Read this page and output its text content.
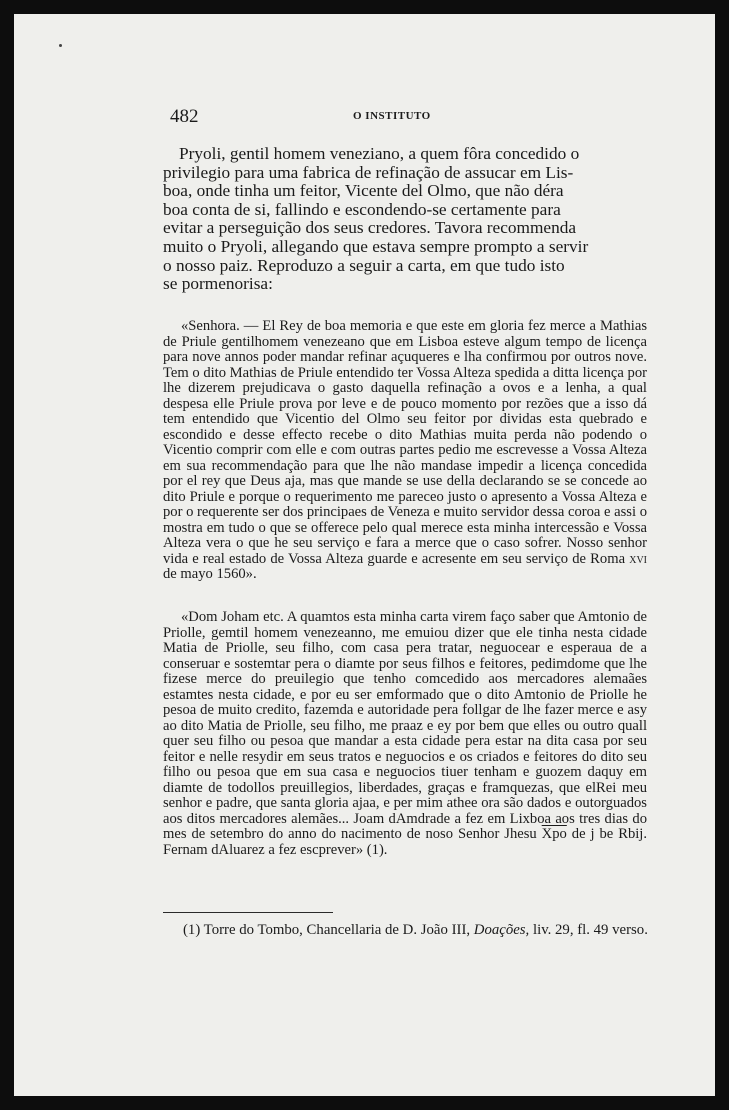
482	O INSTITUTO

Pryoli, gentil homem veneziano, a quem fôra concedido o

privilegio para uma fabrica de refinação de assucar em Lis-

boa, onde tinha um feitor, Vicente del Olmo, que não déra

boa conta de si, fallindo e escondendo-se certamente para

evitar a perseguição dos seus credores. Tavora recommenda

muito o Pryoli, allegando que estava sempre prompto a servir

o nosso paiz. Reproduzo a seguir a carta, em que tudo isto

se pormenorisa:

«Senhora. — El Rey de boa memoria e que este em gloria fez merce a Mathias de Priule gentilhomem venezeano que em Lisboa esteve algum tempo de licença para nove annos poder mandar refinar açuqueres e lha confirmou por outros nove. Tem o dito Mathias de Priule entendido ter Vossa Alteza spedida a ditta licença por lhe dizerem prejudicava o gasto daquella refinação a ovos e a lenha, a qual despesa elle Priule prova por leve e de pouco momento por rezões que a isso dá tem entendido que Vicentio del Olmo seu feitor por dividas esta quebrado e escondido e desse effecto recebe o dito Mathias muita perda não podendo o Vicentio comprir com elle e com outras partes pedio me escrevesse a Vossa Alteza em sua recommendação para que lhe não mandase impedir a licença concedida por el rey que Deus aja, mas que mande se use della declarando se se concede ao dito Priule e porque o requerimento me pareceo justo o apresento a Vossa Alteza e por o requerente ser dos principaes de Veneza e muito servidor dessa coroa e assi o mostra em tudo o que se offerece pelo qual merece esta minha intercessão e Vossa Alteza vera o que he seu serviço e fara a merce que o caso sofrer. Nosso senhor vida e real estado de Vossa Alteza guarde e acresente em seu serviço de Roma xvi de mayo 1560».

«Dom Joham etc. A quamtos esta minha carta virem faço saber que Amtonio de Priolle, gemtil homem venezeanno, me emuiou dizer que ele tinha nesta cidade Matia de Priolle, seu filho, com casa pera tratar, neguocear e esperaua de a conseruar e sostemtar pera o diamte por seus filhos e feitores, pedimdome que lhe fizese merce do preuilegio que tenho comcedido aos mercadores alemaães estamtes nesta cidade, e por eu ser emformado que o dito Amtonio de Priolle he pesoa de muito credito, fazemda e autoridade pera follgar de lhe fazer merce e asy ao dito Matia de Priolle, seu filho, me praaz e ey por bem que elles ou outro quall quer seu filho ou pesoa que mandar a esta cidade pera estar na dita casa por seu feitor e nelle resydir em seus tratos e neguocios e os criados e feitores do dito seu filho ou pesoa que em sua casa e neguocios tiuer tenham e guozem daquy em diamte de todollos preuillegios, liberdades, graças e framquezas, que elRei meu senhor e padre, que santa gloria ajaa, e per mim athee ora são dados e outorguados aos ditos mercadores alemães... Joam dAmdrade a fez em Lixboa aos tres dias do mes de setembro do anno do nacimento de noso Senhor Jhesu $\overline{Xpo}$ de j be Rbij. Fernam dAluarez a fez escprever» (1).

(1) Torre do Tombo, Chancellaria de D. João III, Doações, liv. 29, fl. 49 verso.
